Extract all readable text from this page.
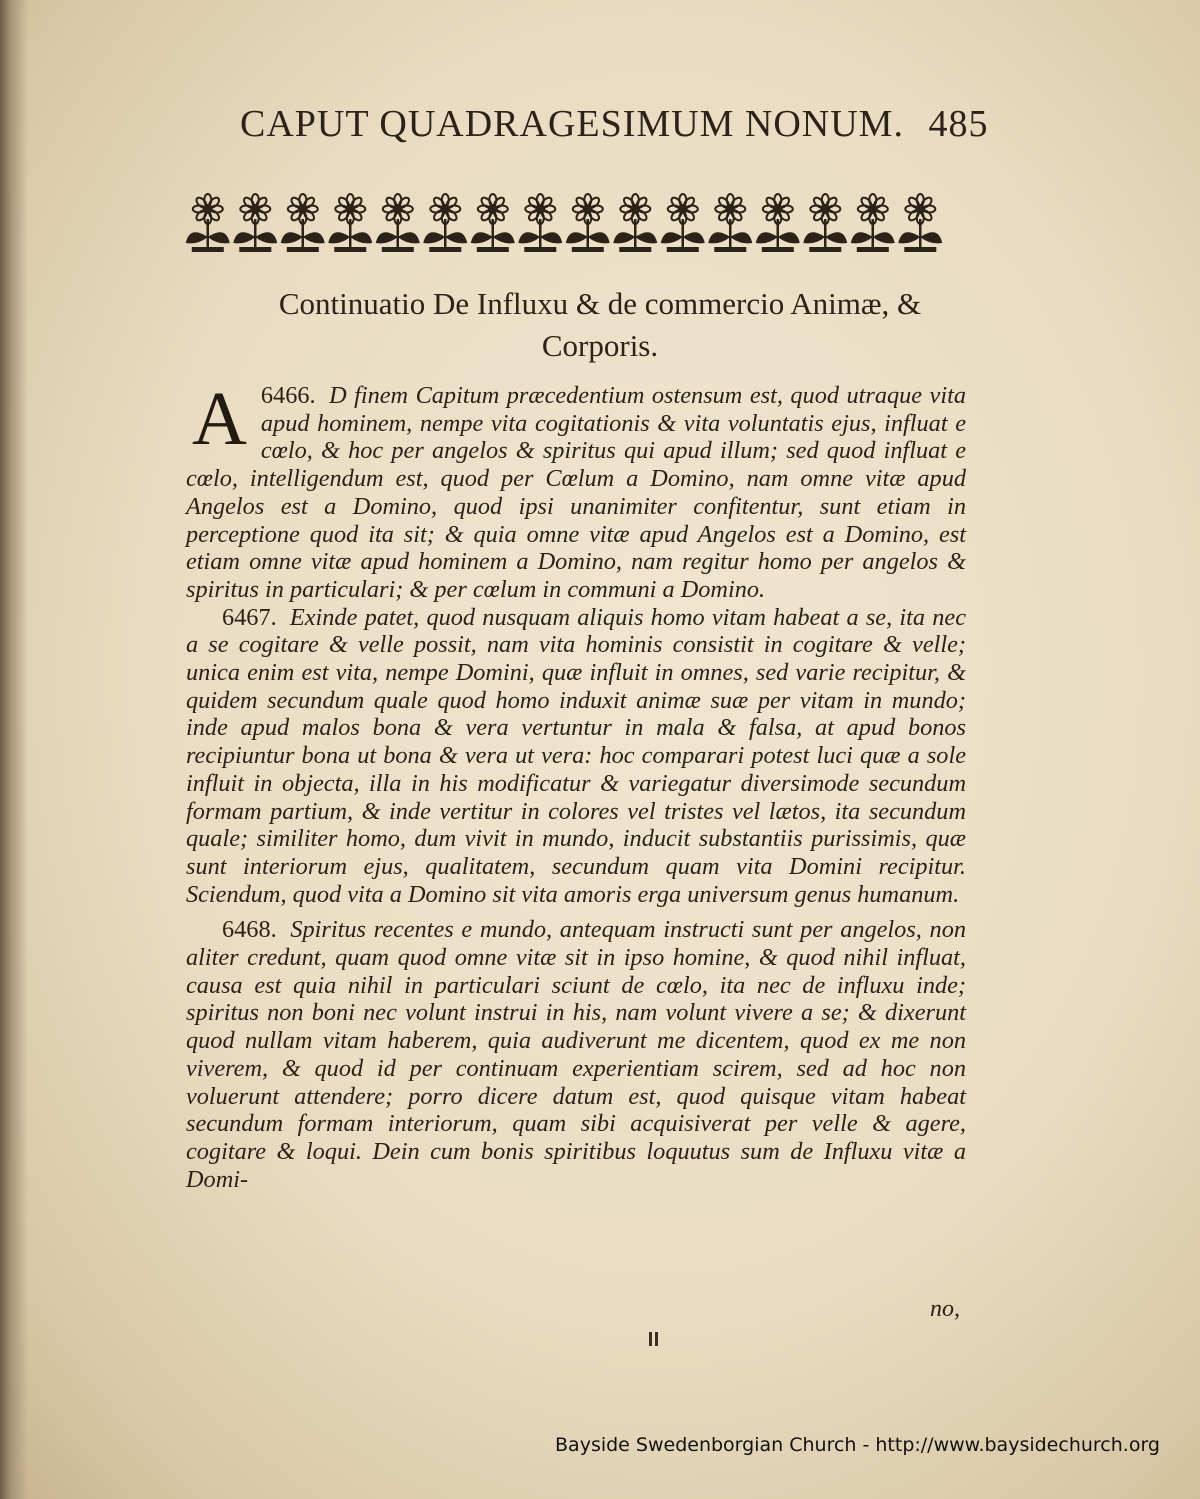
CAPUT QUADRAGESIMUM NONUM. 485
Continuatio De Influxu & de commercio Animæ, &
Corporis.

6466.
A	D finem Capitum præcedentium ostensum est, quod utraque vita apud hominem, nempe vita cogitationis & vita voluntatis ejus, influat e cœlo, & hoc per angelos & spiritus qui apud illum; sed quod influat e cœlo, intelligendum est, quod per Cœlum a Domino, nam omne vitæ apud Angelos est a Domino, quod ipsi unanimiter confitentur, sunt etiam in perceptione quod ita sit; & quia omne vitæ apud Angelos est a Domino, est etiam omne vitæ apud hominem a Domino, nam regitur homo per angelos & spiritus in particulari; & per cœlum in communi a Domino.

6467. Exinde patet, quod nusquam aliquis homo vitam habeat a se, ita nec a se cogitare & velle possit, nam vita hominis consistit in cogitare & velle; unica enim est vita, nempe Domini, quæ influit in omnes, sed varie recipitur, & quidem secundum quale quod homo induxit animæ suæ per vitam in mundo; inde apud malos bona & vera vertuntur in mala & falsa, at apud bonos recipiuntur bona ut bona & vera ut vera: hoc comparari potest luci quæ a sole influit in objecta, illa in his modificatur & variegatur diversimode secundum formam partium, & inde vertitur in colores vel tristes vel lætos, ita secundum quale; similiter homo, dum vivit in mundo, inducit substantiis purissimis, quæ sunt interiorum ejus, qualitatem, secundum quam vita Domini recipitur. Sciendum, quod vita a Domino sit vita amoris erga universum genus humanum.

6468. Spiritus recentes e mundo, antequam instructi sunt per angelos, non aliter credunt, quam quod omne vitæ sit in ipso homine, & quod nihil influat, causa est quia nihil in particulari sciunt de cœlo, ita nec de influxu inde; spiritus non boni nec volunt instrui in his, nam volunt vivere a se; & dixerunt quod nullam vitam haberem, quia audiverunt me dicentem, quod ex me non viverem, & quod id per continuam experientiam scirem, sed ad hoc non voluerunt attendere; porro dicere datum est, quod quisque vitam habeat secundum formam interiorum, quam sibi acquisiverat per velle & agere, cogitare & loqui. Dein cum bonis spiritibus loquutus sum de Influxu vitæ a Domi-

no,
Bayside Swedenborgian Church - http://www.baysidechurch.org
